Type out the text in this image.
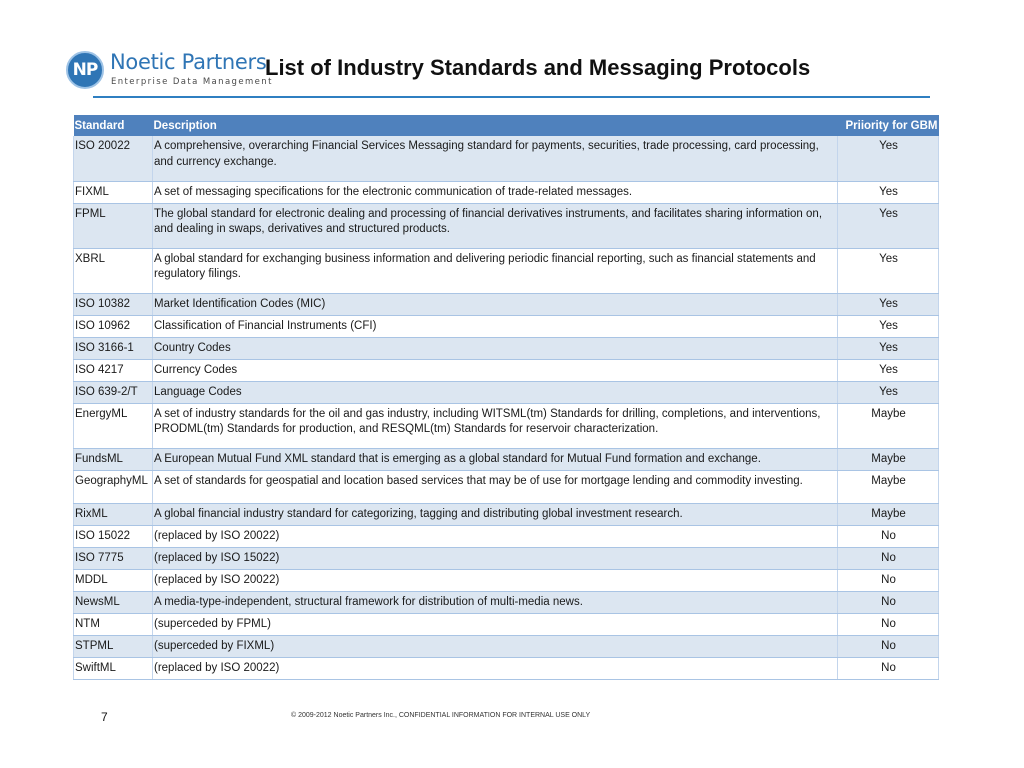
NP Noetic Partners
Enterprise Data Management
List of Industry Standards and Messaging Protocols
Standard	Description	Priiority for GBM
ISO 20022	A comprehensive, overarching Financial Services Messaging standard for payments, securities, trade processing, card processing, and currency exchange.	Yes
FIXML	A set of messaging specifications for the electronic communication of trade-related messages.	Yes
FPML	The global standard for electronic dealing and processing of financial derivatives instruments, and facilitates sharing information on, and dealing in swaps, derivatives and structured products.	Yes
XBRL	A global standard for exchanging business information and delivering periodic financial reporting, such as financial statements and regulatory filings.	Yes
ISO 10382	Market Identification Codes (MIC)	Yes
ISO 10962	Classification of Financial Instruments (CFI)	Yes
ISO 3166-1	Country Codes	Yes
ISO 4217	Currency Codes	Yes
ISO 639-2/T	Language Codes	Yes
EnergyML	A set of industry standards for the oil and gas industry, including WITSML(tm) Standards for drilling, completions, and interventions, PRODML(tm) Standards for production, and RESQML(tm) Standards for reservoir characterization.	Maybe
FundsML	A European Mutual Fund XML standard that is emerging as a global standard for Mutual Fund formation and exchange.	Maybe
GeographyML	A set of standards for geospatial and location based services that may be of use for mortgage lending and commodity investing.	Maybe
RixML	A global financial industry standard for categorizing, tagging and distributing global investment research.	Maybe
ISO 15022	(replaced by ISO 20022)	No
ISO 7775	(replaced by ISO 15022)	No
MDDL	(replaced by ISO 20022)	No
NewsML	A media-type-independent, structural framework for distribution of multi-media news.	No
NTM	(superceded by FPML)	No
STPML	(superceded by FIXML)	No
SwiftML	(replaced by ISO 20022)	No
7	© 2009-2012 Noetic Partners Inc., CONFIDENTIAL INFORMATION FOR INTERNAL USE ONLY
